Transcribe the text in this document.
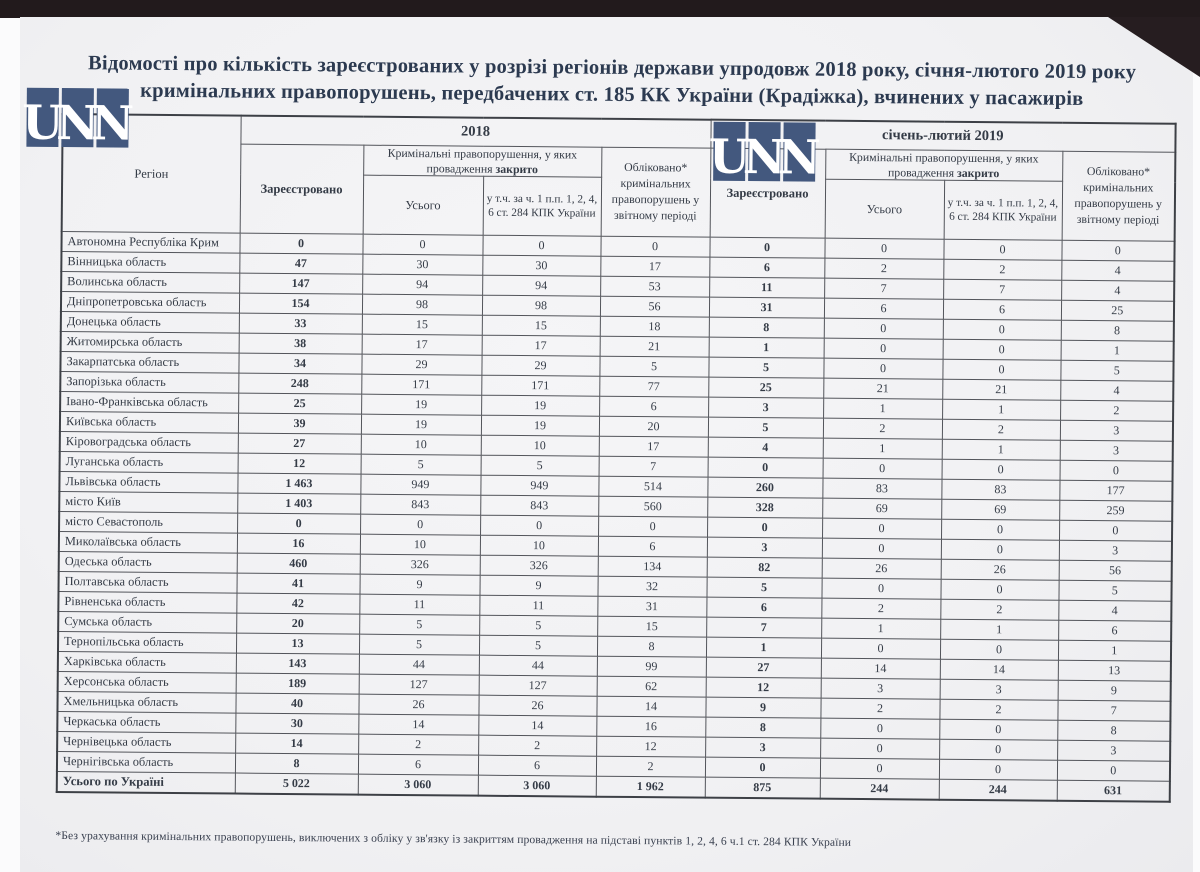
Відомості про кількість зареєстрованих у розрізі регіонів держави упродовж 2018 року, січня-лютого 2019 року кримінальних правопорушень, передбачених ст. 185 КК України (Крадіжка), вчинених у пасажирів
Регіон	2018				січень-лютий 2019			
	Зареєстровано	Кримінальні правопорушення, у яких провадження закрито		Обліковано* кримінальних правопорушень у звітному періоді	Зареєстровано	Кримінальні правопорушення, у яких провадження закрито		Обліковано* кримінальних правопорушень у звітному періоді
		Усього	у т.ч. за ч. 1 п.п. 1, 2, 4, 6 ст. 284 КПК України			Усього	у т.ч. за ч. 1 п.п. 1, 2, 4, 6 ст. 284 КПК України	
Автономна Республіка Крим	0	0	0	0	0	0	0	0
Вінницька область	47	30	30	17	6	2	2	4
Волинська область	147	94	94	53	11	7	7	4
Дніпропетровська область	154	98	98	56	31	6	6	25
Донецька область	33	15	15	18	8	0	0	8
Житомирська область	38	17	17	21	1	0	0	1
Закарпатська область	34	29	29	5	5	0	0	5
Запорізька область	248	171	171	77	25	21	21	4
Івано-Франківська область	25	19	19	6	3	1	1	2
Київська область	39	19	19	20	5	2	2	3
Кіровоградська область	27	10	10	17	4	1	1	3
Луганська область	12	5	5	7	0	0	0	0
Львівська область	1 463	949	949	514	260	83	83	177
місто Київ	1 403	843	843	560	328	69	69	259
місто Севастополь	0	0	0	0	0	0	0	0
Миколаївська область	16	10	10	6	3	0	0	3
Одеська область	460	326	326	134	82	26	26	56
Полтавська область	41	9	9	32	5	0	0	5
Рівненська область	42	11	11	31	6	2	2	4
Сумська область	20	5	5	15	7	1	1	6
Тернопільська область	13	5	5	8	1	0	0	1
Харківська область	143	44	44	99	27	14	14	13
Херсонська область	189	127	127	62	12	3	3	9
Хмельницька область	40	26	26	14	9	2	2	7
Черкаська область	30	14	14	16	8	0	0	8
Чернівецька область	14	2	2	12	3	0	0	3
Чернігівська область	8	6	6	2	0	0	0	0
Усього по Україні	5 022	3 060	3 060	1 962	875	244	244	631
U
N
N
U
N
N
*Без урахування кримінальних правопорушень, виключених з обліку у зв'язку із закриттям провадження на підставі пунктів 1, 2, 4, 6 ч.1 ст. 284 КПК України
